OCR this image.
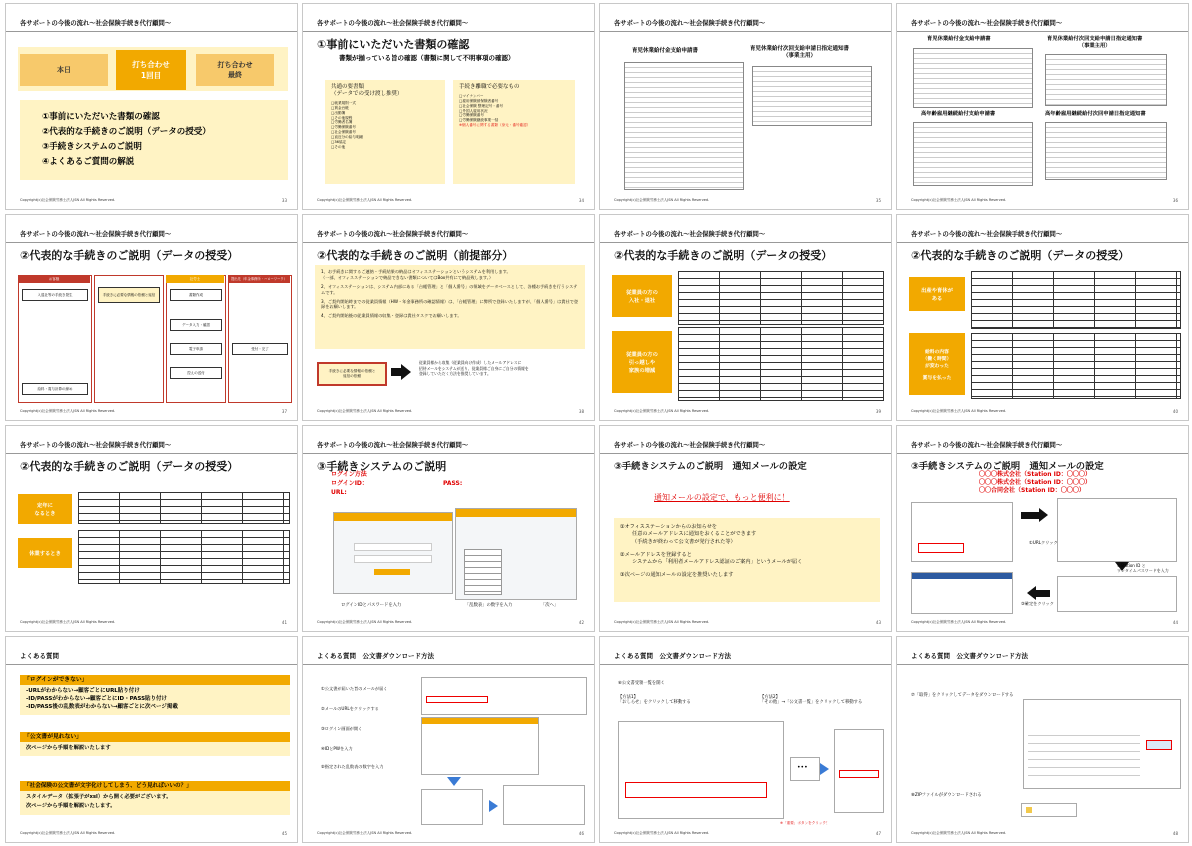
各サポートの今後の流れ～社会保険手続き代行顧問～
本日
打ち合わせ
1回目
打ち合わせ
最終
①事前にいただいた書類の確認
②代表的な手続きのご説明（データの授受）
③手続きシステムのご説明
④よくあるご質問の解説
Copyright(c)社会保険労務士法人JSN All Rights Reserved.	33
各サポートの今後の流れ～社会保険手続き代行顧問～
①事前にいただいた書類の確認
書類が揃っている旨の確認（書類に関して不明事項の確認）
共通の要書類
（データでの受け渡し推奨）
□就業規則一式
□賃金台帳
□出勤簿
□その他規程
□労働者名簿
□労働保険番号
□社会保険番号
□直近分の給与明細
□36協定
□その他
手続き離職で必要なもの
□マイナンバー
□雇用保険被保険者番号
□社会保険 整理記号・番号
□外国人雇用状況
□労働保険番号
□労働保険継続事業一括
※個人番号に関する書類（身元・番号確認）
Copyright(c)社会保険労務士法人JSN All Rights Reserved.	34
各サポートの今後の流れ～社会保険手続き代行顧問～
育児休業給付金支給申請書	育児休業給付次回支給申請日指定通知書
（事業主用）
Copyright(c)社会保険労務士法人JSN All Rights Reserved.	35
各サポートの今後の流れ～社会保険手続き代行顧問～
育児休業給付金支給申請書	育児休業給付次回支給申請日指定通知書
（事業主用）
高年齢雇用継続給付支給申請書	高年齢雇用継続給付次回申請日指定通知書
Copyright(c)社会保険労務士法人JSN All Rights Reserved.	36
各サポートの今後の流れ～社会保険手続き代行顧問～
②代表的な手続きのご説明（データの授受）
お客様	社労士	提出先（年金事務所・ハローワーク）
入退社等の手続き発生	手続きに必要な情報の依頼と返信	書類作成
データ入力・確認
電子申請	受付・完了
控えの送付
給料・賞与計算の締め
Copyright(c)社会保険労務士法人JSN All Rights Reserved.	37
各サポートの今後の流れ～社会保険手続き代行顧問～
②代表的な手続きのご説明（前提部分）
1、お手続きに関するご連絡・手続結果の納品はオフィスステーションというシステムを利用します。
（一部、オフィスステーションで納品できない書類についてはBox共有にて納品致します。）
2、オフィスステーションは、システム内部にある「台帳管理」と「個人番号」の領域をデータベースとして、各種お手続きを行うシステムです。
3、ご契約開始時までの従業員情報（HW・年金事務所の確認情報）は、「台帳管理」に弊所で登録いたしますが、「個人番号」は貴社で登録をお願いします。
4、ご契約開始後の従業員情報の収集・登録は貴社タスクでお願いします。
手続きに必要な情報の依頼と
返信の依頼
従業員様から収集（従業員向け作成）したメールアドレスに
招待メールをシステムが送り、従業員様ご自身にご自分の情報を
登録していただく方法を推奨しています。
Copyright(c)社会保険労務士法人JSN All Rights Reserved.	38
各サポートの今後の流れ～社会保険手続き代行顧問～
②代表的な手続きのご説明（データの授受）
従業員の方の
入社・退社
従業員の方の
引っ越しや
家族の増減
Copyright(c)社会保険労務士法人JSN All Rights Reserved.	39
各サポートの今後の流れ～社会保険手続き代行顧問～
②代表的な手続きのご説明（データの授受）
出産や育休が
ある
給料の内容
（働く時間）
が変わった

賞与を払った
Copyright(c)社会保険労務士法人JSN All Rights Reserved.	40
各サポートの今後の流れ～社会保険手続き代行顧問～
②代表的な手続きのご説明（データの授受）
定年に
なるとき
休業するとき
Copyright(c)社会保険労務士法人JSN All Rights Reserved.	41
各サポートの今後の流れ～社会保険手続き代行顧問～
③手続きシステムのご説明
ログイン方法
ログインID：	PASS:
URL:
ログインIDとパスワードを入力	「乱数表」の数字を入力	「次へ」
Copyright(c)社会保険労務士法人JSN All Rights Reserved.	42
各サポートの今後の流れ～社会保険手続き代行顧問～
③手続きシステムのご説明　通知メールの設定
通知メールの設定で、もっと便利に！
①オフィスステーションからのお知らせを
任意のメールアドレスに通知をおくることができます
（手続きが終わって公文書が発行された等）
②メールアドレスを登録すると
システムから「利用者メールアドレス認証のご案内」というメールが届く
③次ページの通知メールの設定を推奨いたします
Copyright(c)社会保険労務士法人JSN All Rights Reserved.	43
各サポートの今後の流れ～社会保険手続き代行顧問～
③手続きシステムのご説明　通知メールの設定
〇〇〇株式会社（Station ID：〇〇〇）
〇〇〇株式会社（Station ID：〇〇〇）
〇〇合同会社（Station ID：〇〇〇）
①URLクリック
②Station ID と
ワンタイムパスワードを入力
③確定をクリック
Copyright(c)社会保険労務士法人JSN All Rights Reserved.	44
よくある質問
「ログインができない」
-URLがわからない→顧客ごとにURL貼り付け
-ID/PASSがわからない→顧客ごとにID・PASS貼り付け
-ID/PASS後の乱数表がわからない→顧客ごとに次ページ掲載
「公文書が見れない」
次ページから手順を解説いたします
「社会保険の公文書が文字化けしてしまう、どう見ればいいの？」
スタイルデータ（拡張子がxsl）から開く必要がございます。
次ページから手順を解説いたします。
Copyright(c)社会保険労務士法人JSN All Rights Reserved.	45
よくある質問　公文書ダウンロード方法
①公文書が届いた旨のメールが届く
②メールのURLをクリックする
③ログイン画面が開く
④IDとPWを入力
⑤指定された乱数表の数字を入力
Copyright(c)社会保険労務士法人JSN All Rights Reserved.	46
よくある質問　公文書ダウンロード方法
⑥公文書受領一覧を開く
【方法1】
「おしらせ」をクリックして移動する
【方法2】
「その他」→「公文書一覧」をクリックして移動する
•••
※「重要」ボタンをクリック！
Copyright(c)社会保険労務士法人JSN All Rights Reserved.	47
よくある質問　公文書ダウンロード方法
⑦「取得」をクリックしてデータをダウンロードする
⑧ZIPファイルがダウンロードされる
Copyright(c)社会保険労務士法人JSN All Rights Reserved.	48
